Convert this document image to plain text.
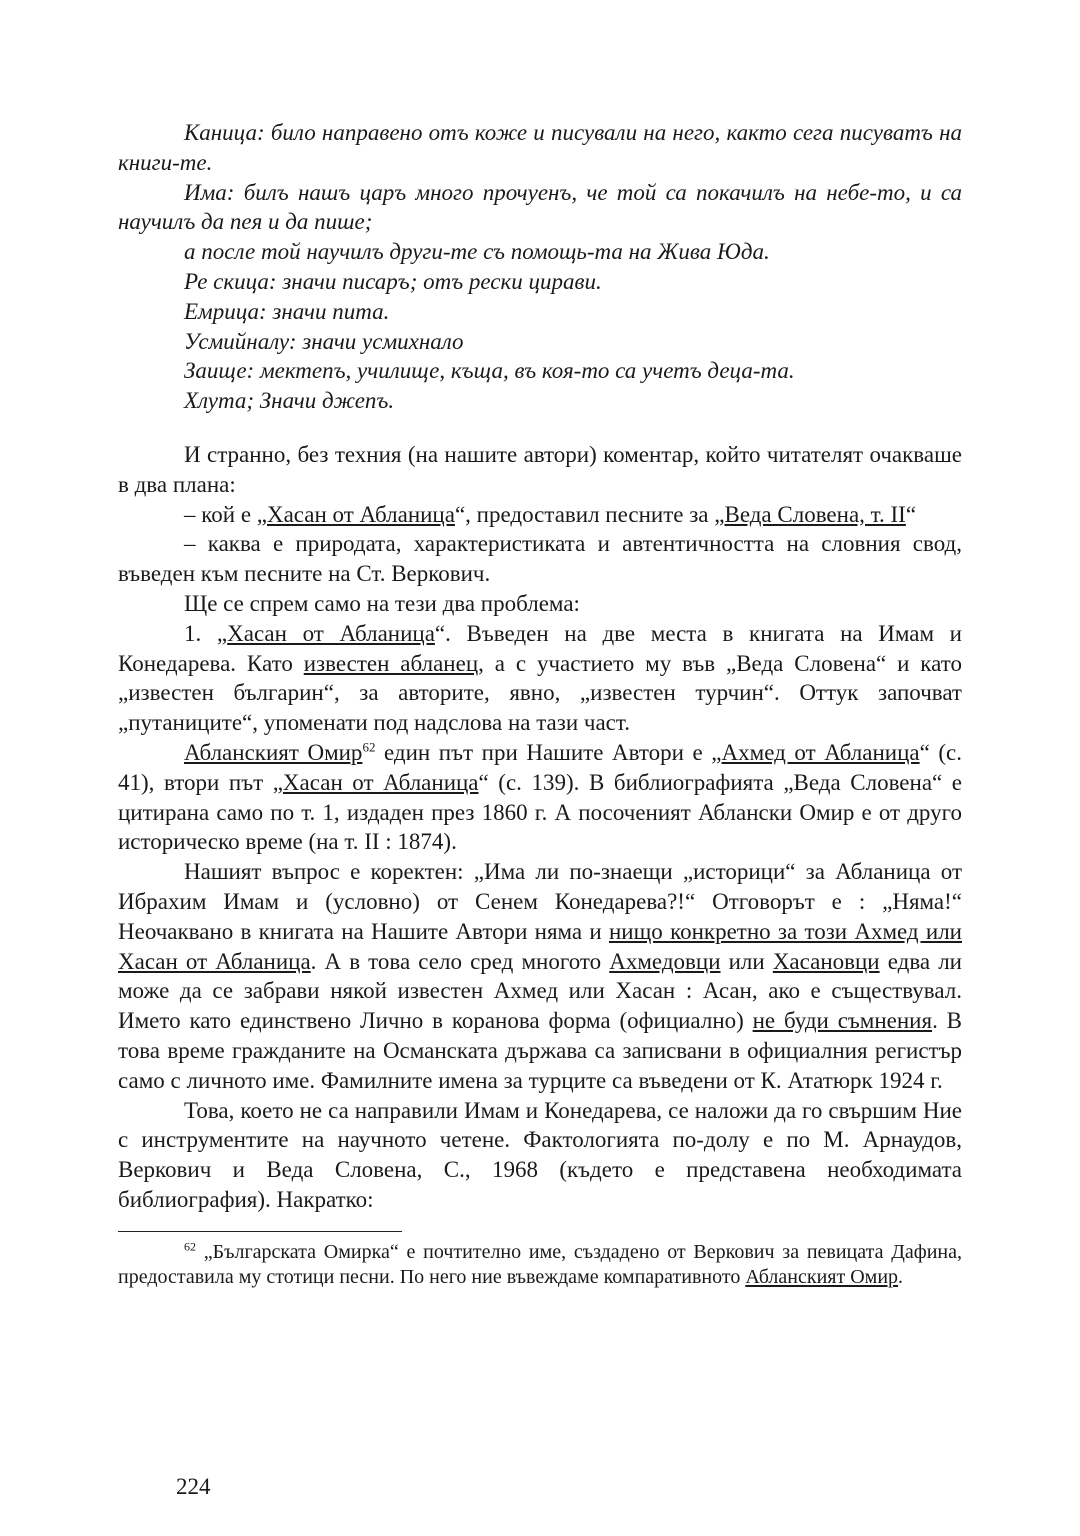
Каница: било направено отъ коже и писували на него, както сега писуватъ на книги-те.

Има: билъ нашъ царъ много прочуенъ, че той са покачилъ на небе-то, и са научилъ да пея и да пише;

а после той научилъ други-те съ помощь-та на Жива Юда.

Ре скица: значи писаръ; отъ рески цирави.

Емрица: значи пита.

Усмийналу: значи усмихнало

Заище: мектепъ, училище, къща, въ коя-то са учетъ деца-та.

Хлута; Значи джепъ.

И странно, без техния (на нашите автори) коментар, който читателят очакваше в два плана:

– кой е „Хасан от Абланица“, предоставил песните за „Веда Словена, т. II“

– каква е природата, характеристиката и автентичността на словния свод, въведен към песните на Ст. Веркович.

Ще се спрем само на тези два проблема:

1. „Хасан от Абланица“. Въведен на две места в книгата на Имам и Конедарева. Като известен абланец, а с участието му във „Веда Словена“ и като „известен българин“, за авторите, явно, „известен турчин“. Оттук започват „путаниците“, упоменати под надслова на тази част.

Абланският Омир$^{62}$ един път при Нашите Автори е „Ахмед от Абланица“ (с. 41), втори път „Хасан от Абланица“ (с. 139). В библиографията „Веда Словена“ е цитирана само по т. 1, издаден през 1860 г. А посоченият Аблански Омир е от друго историческо време (на т. II : 1874).

Нашият въпрос е коректен: „Има ли по-знаещи „историци“ за Абланица от Ибрахим Имам и (условно) от Сенем Конедарева?!“ Отговорът е : „Няма!“ Неочаквано в книгата на Нашите Автори няма и нищо конкретно за този Ахмед или Хасан от Абланица. А в това село сред многото Ахмедовци или Хасановци едва ли може да се забрави някой известен Ахмед или Хасан : Асан, ако е съществувал. Името като единствено Лично в коранова форма (официално) не буди съмнения. В това време гражданите на Османската държава са записвани в официалния регистър само с личното име. Фамилните имена за турците са въведени от К. Ататюрк 1924 г.

Това, което не са направили Имам и Конедарева, се наложи да го свършим Ние с инструментите на научното четене. Фактологията по-долу е по М. Арнаудов, Веркович и Веда Словена, С., 1968 (където е представена необходимата библиография). Накратко:

$^{62}$ „Българската Омирка“ е почтително име, създадено от Веркович за певицата Дафина, предоставила му стотици песни. По него ние въвеждаме компаративното Абланският Омир.

224
